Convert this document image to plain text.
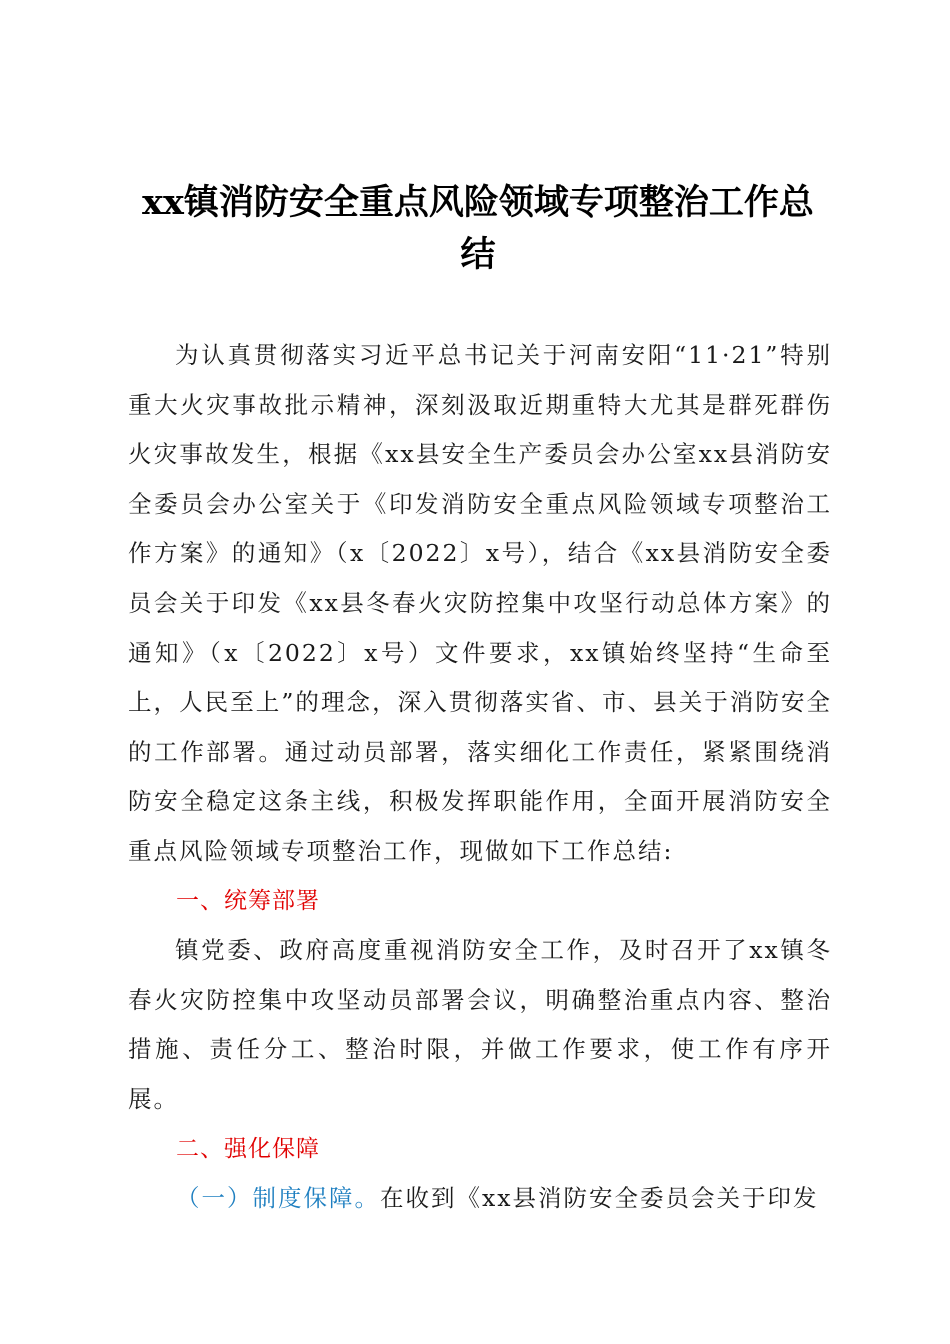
xx镇消防安全重点风险领域专项整治工作总结

为认真贯彻落实习近平总书记关于河南安阳“11·21”特别重大火灾事故批示精神，深刻汲取近期重特大尤其是群死群伤火灾事故发生，根据《xx县安全生产委员会办公室xx县消防安全委员会办公室关于《印发消防安全重点风险领域专项整治工作方案》的通知》（x〔2022〕x号），结合《xx县消防安全委员会关于印发《xx县冬春火灾防控集中攻坚行动总体方案》的通知》（x〔2022〕x号）文件要求，xx镇始终坚持“生命至上，人民至上”的理念，深入贯彻落实省、市、县关于消防安全的工作部署。通过动员部署，落实细化工作责任，紧紧围绕消防安全稳定这条主线，积极发挥职能作用，全面开展消防安全重点风险领域专项整治工作，现做如下工作总结:

一、统筹部署

镇党委、政府高度重视消防安全工作，及时召开了xx镇冬春火灾防控集中攻坚动员部署会议，明确整治重点内容、整治措施、责任分工、整治时限，并做工作要求，使工作有序开展。

二、强化保障

（一）制度保障。在收到《xx县消防安全委员会关于印发
